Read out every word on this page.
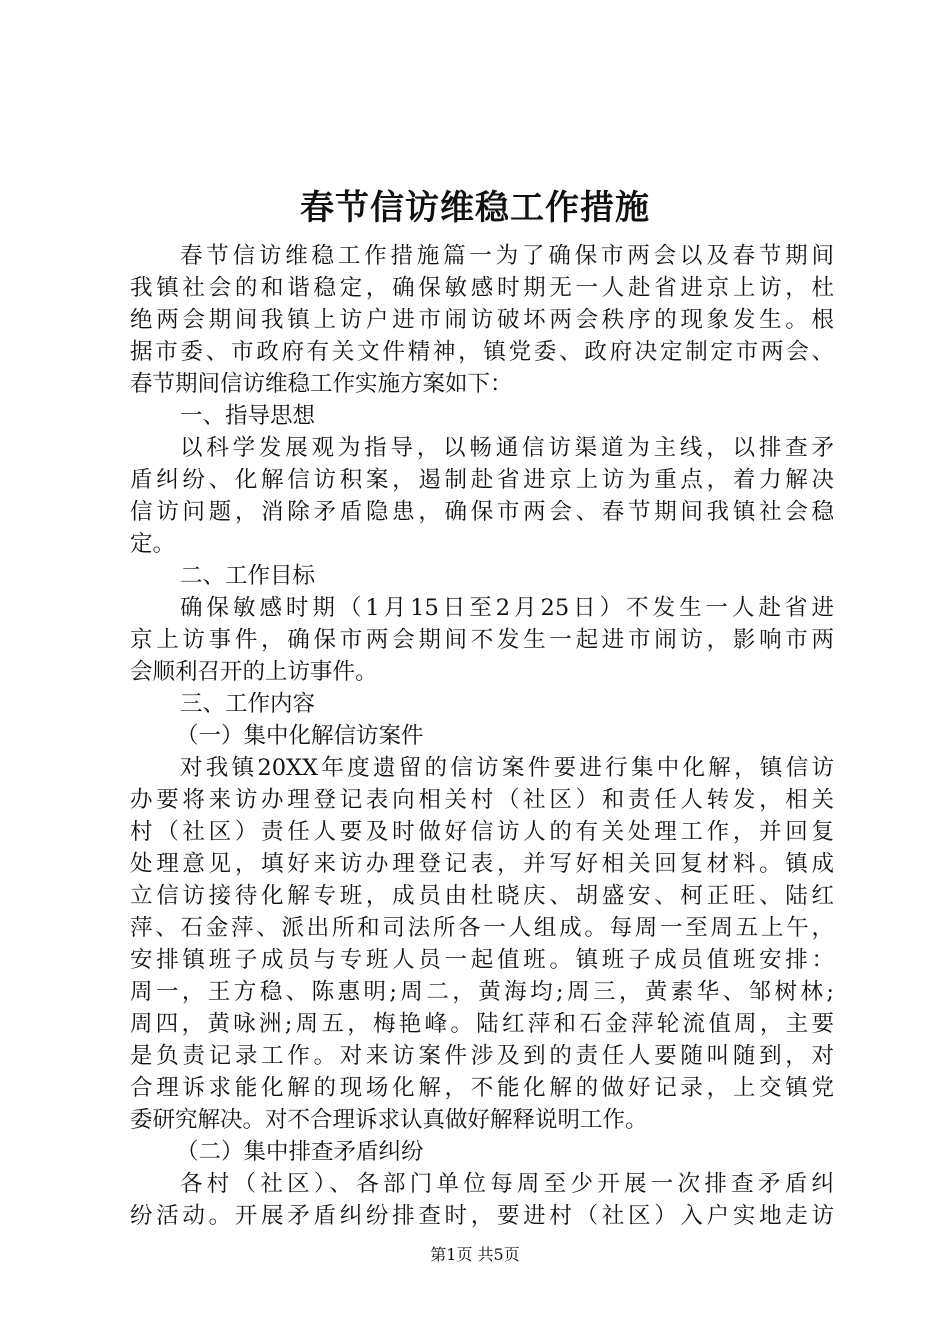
春节信访维稳工作措施
春节信访维稳工作措施篇一为了确保市两会以及春节期间
我镇社会的和谐稳定，确保敏感时期无一人赴省进京上访，杜
绝两会期间我镇上访户进市闹访破坏两会秩序的现象发生。根
据市委、市政府有关文件精神，镇党委、政府决定制定市两会、
春节期间信访维稳工作实施方案如下：
一、指导思想
以科学发展观为指导，以畅通信访渠道为主线，以排查矛
盾纠纷、化解信访积案，遏制赴省进京上访为重点，着力解决
信访问题，消除矛盾隐患，确保市两会、春节期间我镇社会稳
定。
二、工作目标
确保敏感时期（1月15日至2月25日）不发生一人赴省进
京上访事件，确保市两会期间不发生一起进市闹访，影响市两
会顺利召开的上访事件。
三、工作内容
（一）集中化解信访案件
对我镇20XX年度遗留的信访案件要进行集中化解，镇信访
办要将来访办理登记表向相关村（社区）和责任人转发，相关
村（社区）责任人要及时做好信访人的有关处理工作，并回复
处理意见，填好来访办理登记表，并写好相关回复材料。镇成
立信访接待化解专班，成员由杜晓庆、胡盛安、柯正旺、陆红
萍、石金萍、派出所和司法所各一人组成。每周一至周五上午，
安排镇班子成员与专班人员一起值班。镇班子成员值班安排：
周一，王方稳、陈惠明;周二，黄海均;周三，黄素华、邹树林;
周四，黄咏洲;周五，梅艳峰。陆红萍和石金萍轮流值周，主要
是负责记录工作。对来访案件涉及到的责任人要随叫随到，对
合理诉求能化解的现场化解，不能化解的做好记录，上交镇党
委研究解决。对不合理诉求认真做好解释说明工作。
（二）集中排查矛盾纠纷
各村（社区）、各部门单位每周至少开展一次排查矛盾纠
纷活动。开展矛盾纠纷排查时，要进村（社区）入户实地走访
第1页 共5页
